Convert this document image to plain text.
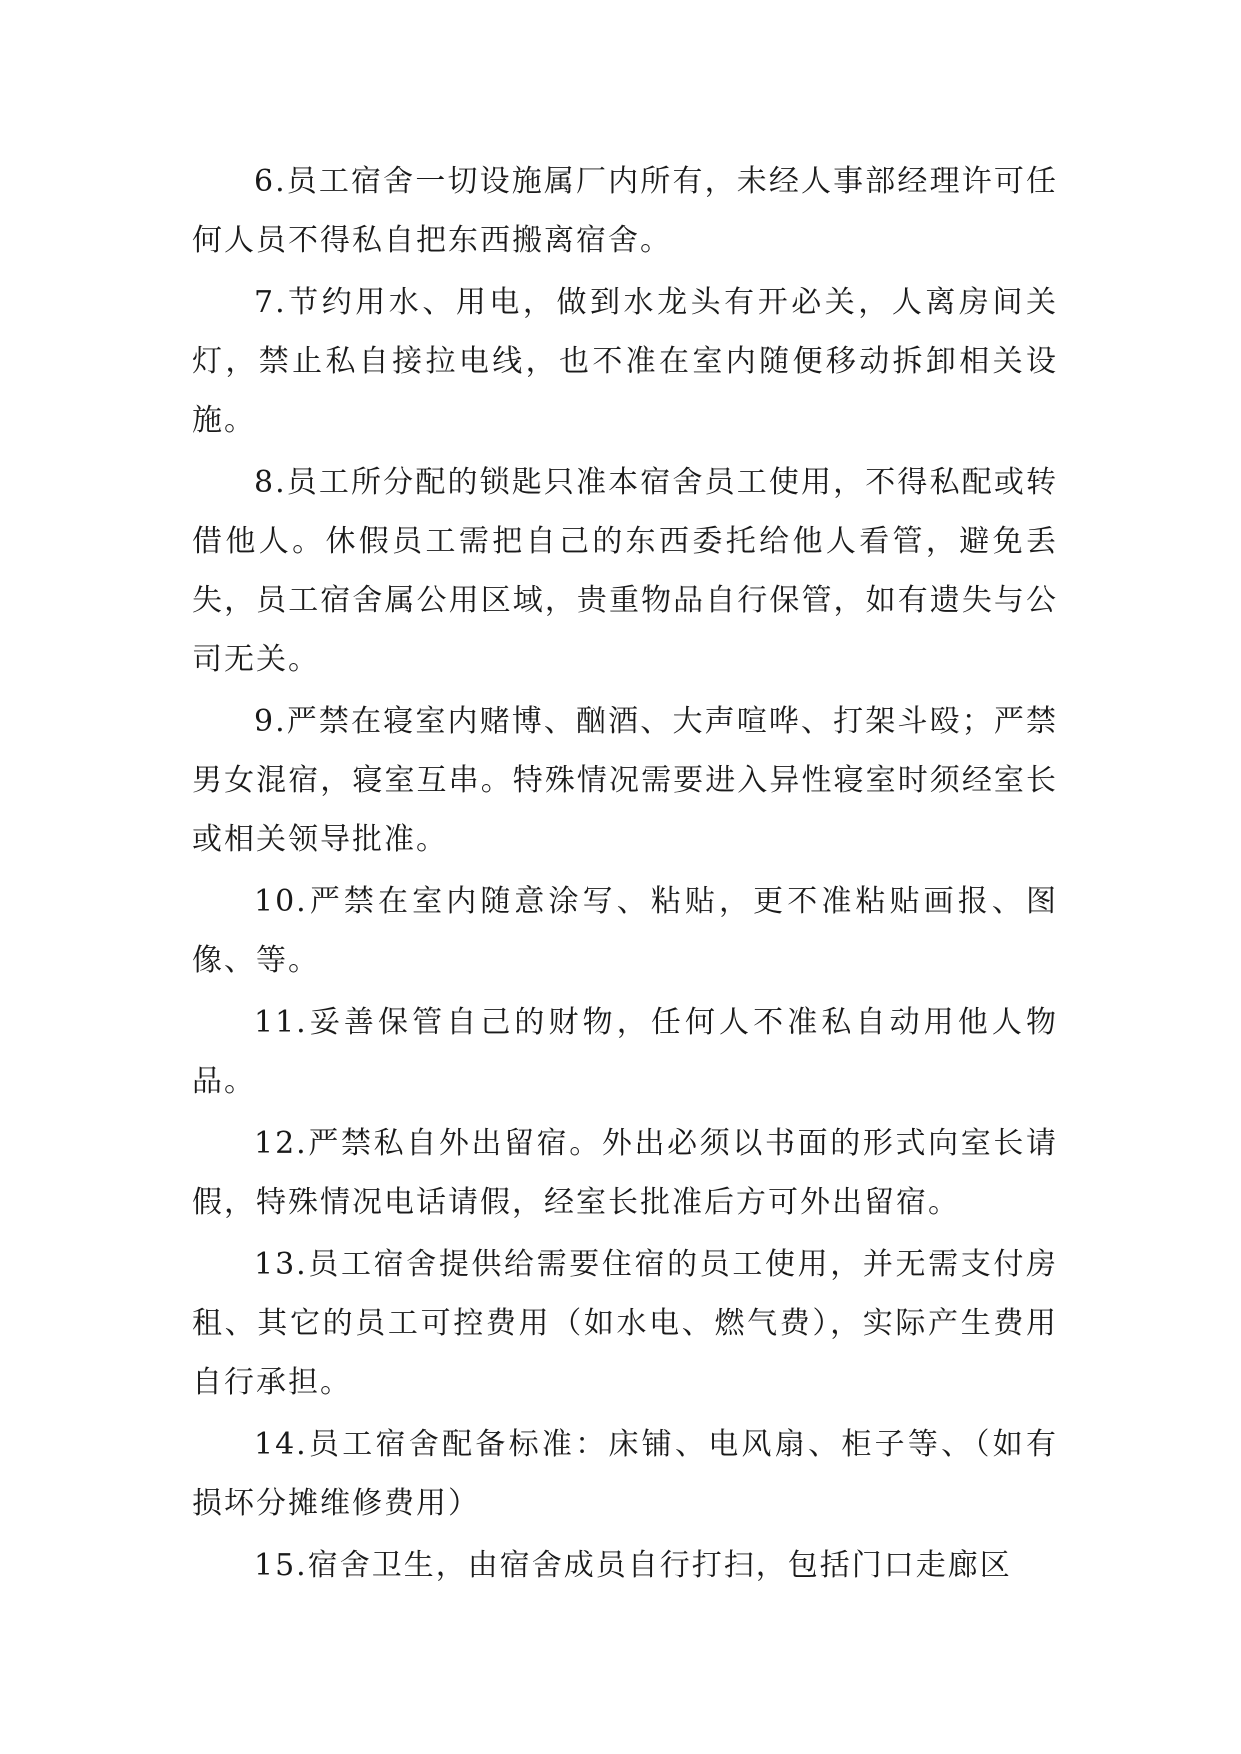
6.员工宿舍一切设施属厂内所有，未经人事部经理许可任何人员不得私自把东西搬离宿舍。

7.节约用水、用电，做到水龙头有开必关，人离房间关灯，禁止私自接拉电线，也不准在室内随便移动拆卸相关设施。

8.员工所分配的锁匙只准本宿舍员工使用，不得私配或转借他人。休假员工需把自己的东西委托给他人看管，避免丢失，员工宿舍属公用区域，贵重物品自行保管，如有遗失与公司无关。

9.严禁在寝室内赌博、酗酒、大声喧哗、打架斗殴；严禁男女混宿，寝室互串。特殊情况需要进入异性寝室时须经室长或相关领导批准。

10.严禁在室内随意涂写、粘贴，更不准粘贴画报、图像、等。

11.妥善保管自己的财物，任何人不准私自动用他人物品。

12.严禁私自外出留宿。外出必须以书面的形式向室长请假，特殊情况电话请假，经室长批准后方可外出留宿。

13.员工宿舍提供给需要住宿的员工使用，并无需支付房租、其它的员工可控费用（如水电、燃气费），实际产生费用自行承担。

14.员工宿舍配备标准：床铺、电风扇、柜子等、（如有损坏分摊维修费用）

15.宿舍卫生，由宿舍成员自行打扫，包括门口走廊区
